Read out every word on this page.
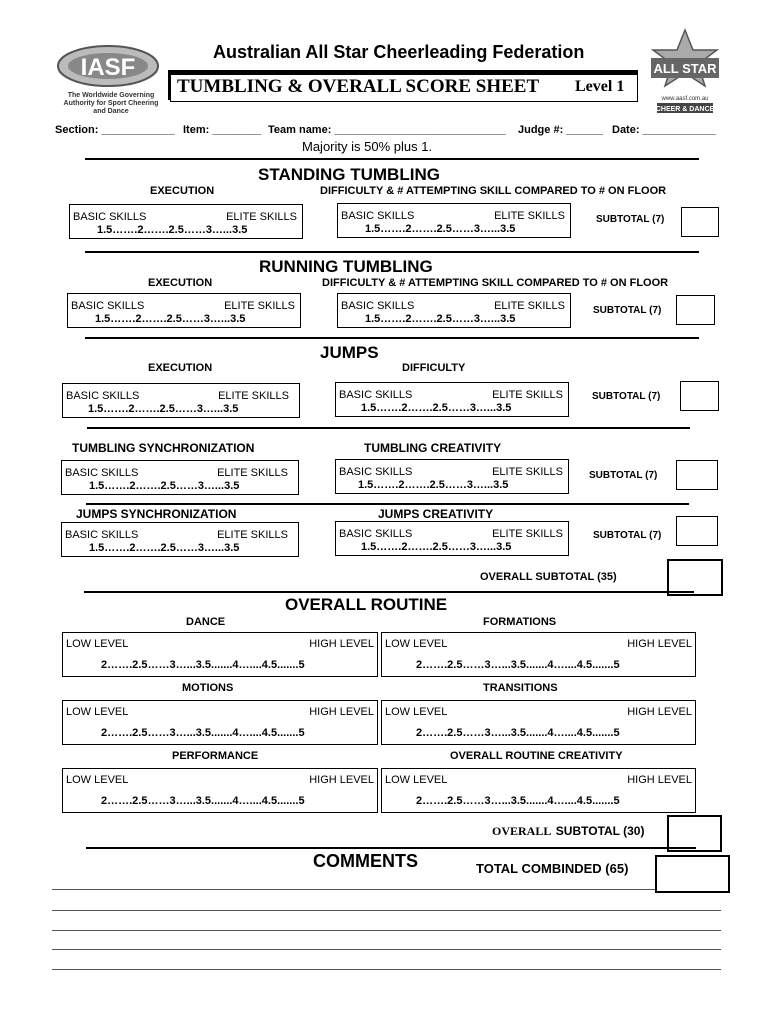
IASF
The Worldwide Governing Authority for Sport Cheering and Dance
Australian All Star Cheerleading Federation
TUMBLING & OVERALL SCORE SHEET Level 1
ALL STAR
www.aasf.com.au
CHEER & DANCE
Section: ____________ Item: ________ Team name: ____________________________ Judge #: ______ Date: ____________
Majority is 50% plus 1.
STANDING TUMBLING
EXECUTION	DIFFICULTY & # ATTEMPTING SKILL COMPARED TO # ON FLOOR
BASIC SKILLS	ELITE SKILLS
1.5…….2…….2.5……3…...3.5
BASIC SKILLS	ELITE SKILLS
1.5…….2…….2.5……3…...3.5
SUBTOTAL (7)
RUNNING TUMBLING
EXECUTION	DIFFICULTY & # ATTEMPTING SKILL COMPARED TO # ON FLOOR
BASIC SKILLS	ELITE SKILLS
1.5…….2…….2.5……3…...3.5
BASIC SKILLS	ELITE SKILLS
1.5…….2…….2.5……3…...3.5
SUBTOTAL (7)
JUMPS
EXECUTION	DIFFICULTY
BASIC SKILLS	ELITE SKILLS
1.5…….2…….2.5……3…...3.5
BASIC SKILLS	ELITE SKILLS
1.5…….2…….2.5……3…...3.5
SUBTOTAL (7)
TUMBLING SYNCHRONIZATION	TUMBLING CREATIVITY
BASIC SKILLS	ELITE SKILLS
1.5…….2…….2.5……3…...3.5
BASIC SKILLS	ELITE SKILLS
1.5…….2…….2.5……3…...3.5
SUBTOTAL (7)
JUMPS SYNCHRONIZATION	JUMPS CREATIVITY
BASIC SKILLS	ELITE SKILLS
1.5…….2…….2.5……3…...3.5
BASIC SKILLS	ELITE SKILLS
1.5…….2…….2.5……3…...3.5
SUBTOTAL (7)
OVERALL SUBTOTAL (35)
OVERALL ROUTINE
DANCE	FORMATIONS
LOW LEVEL	HIGH LEVEL
2…….2.5……3…...3.5.......4…....4.5.......5
LOW LEVEL	HIGH LEVEL
2…….2.5……3…...3.5.......4…....4.5.......5
MOTIONS	TRANSITIONS
LOW LEVEL	HIGH LEVEL
2…….2.5……3…...3.5.......4…....4.5.......5
LOW LEVEL	HIGH LEVEL
2…….2.5……3…...3.5.......4…....4.5.......5
PERFORMANCE	OVERALL ROUTINE CREATIVITY
LOW LEVEL	HIGH LEVEL
2…….2.5……3…...3.5.......4…....4.5.......5
LOW LEVEL	HIGH LEVEL
2…….2.5……3…...3.5.......4…....4.5.......5
OVERALL SUBTOTAL (30)
COMMENTS	TOTAL COMBINDED (65)
